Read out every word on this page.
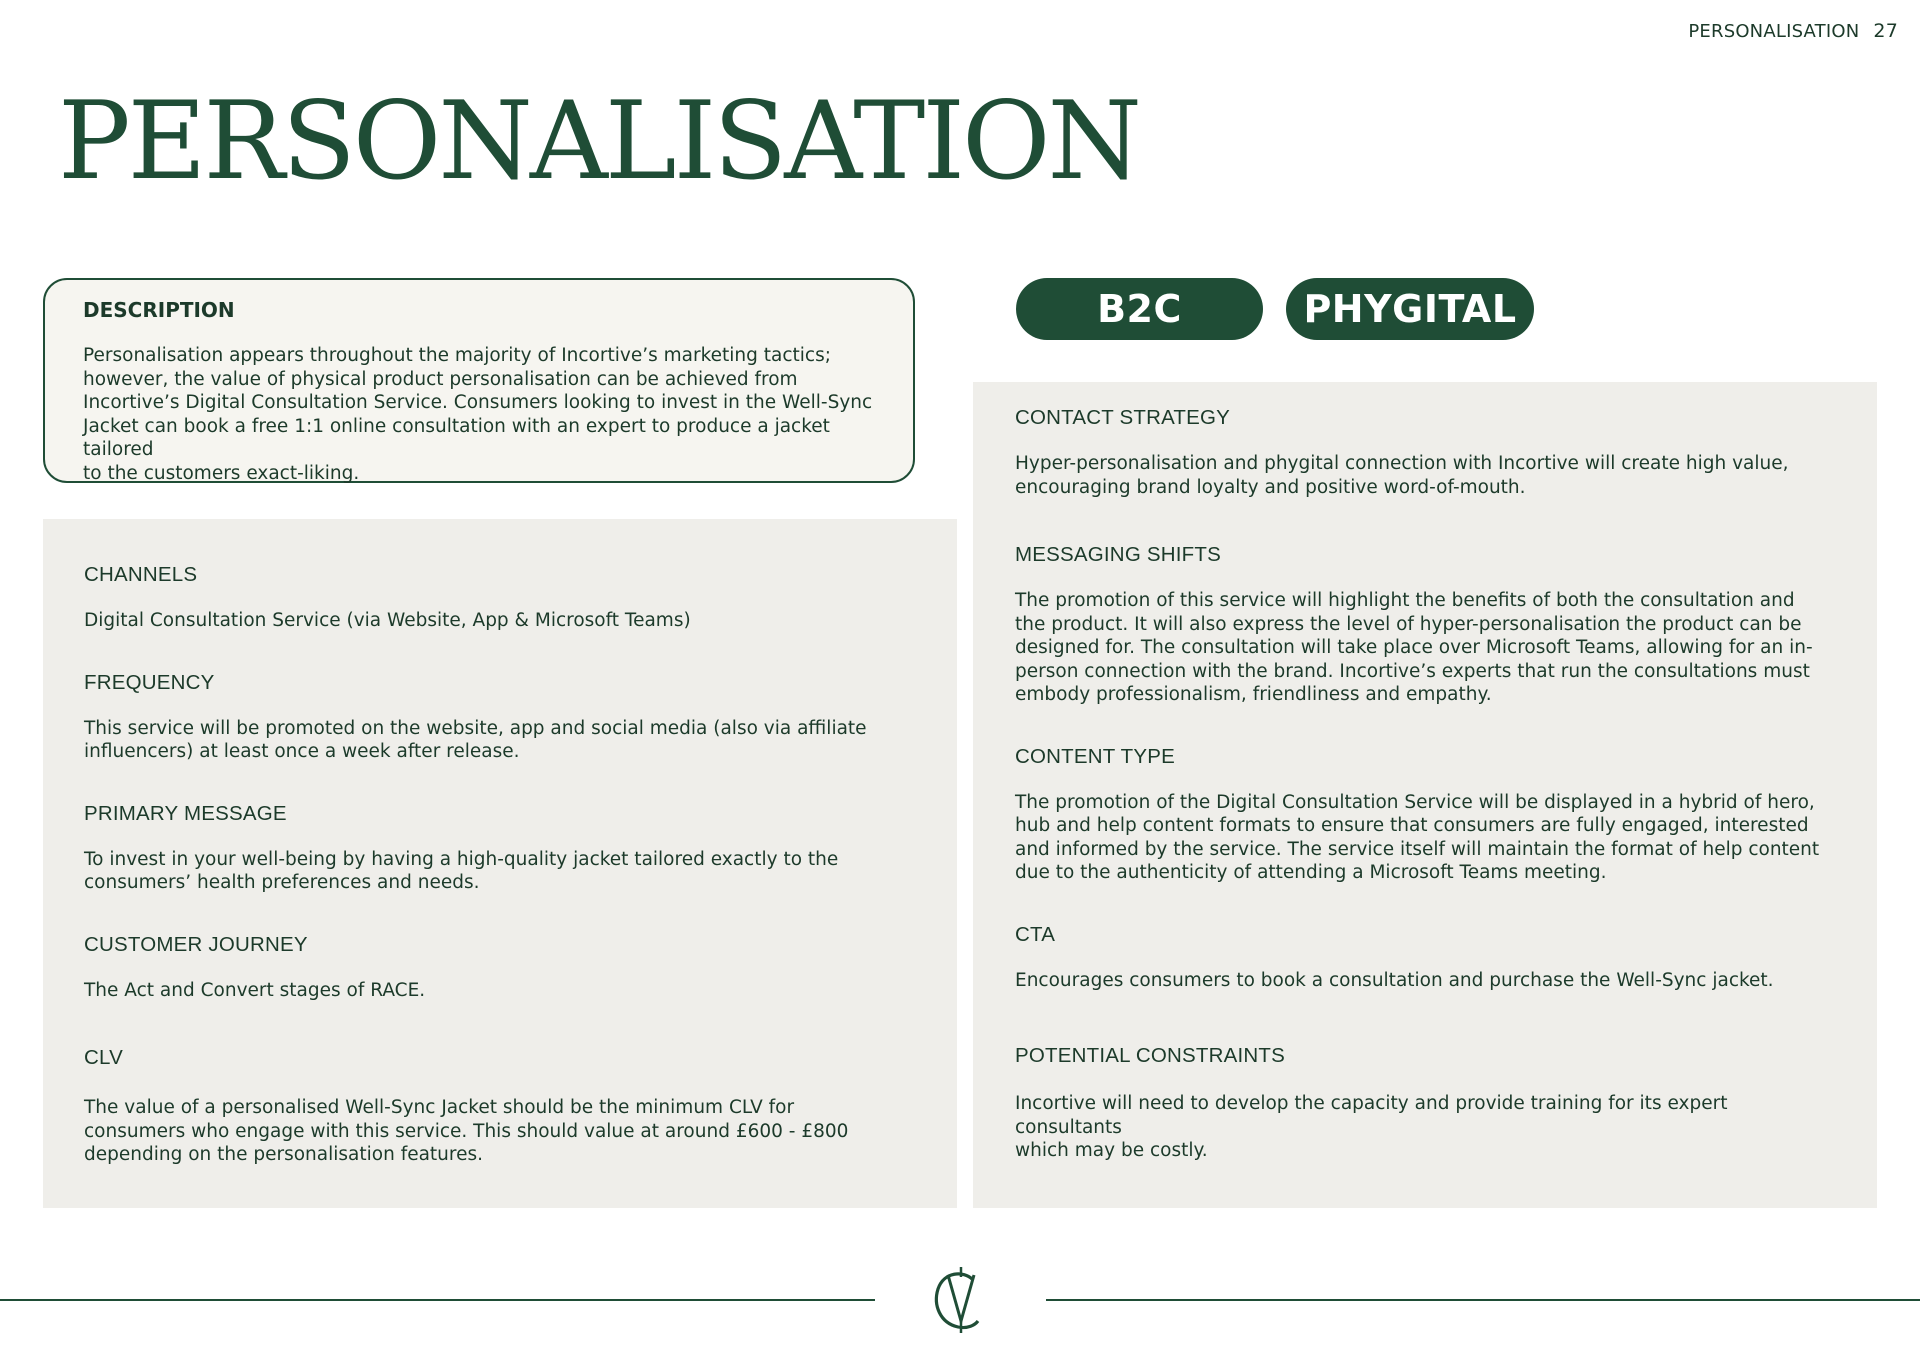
PERSONALISATION 27
PERSONALISATION
DESCRIPTION

Personalisation appears throughout the majority of Incortive’s marketing tactics;
however, the value of physical product personalisation can be achieved from
Incortive’s Digital Consultation Service. Consumers looking to invest in the Well-Sync
Jacket can book a free 1:1 online consultation with an expert to produce a jacket tailored
to the customers exact-liking.

B2C	PHYGITAL
CHANNELS

Digital Consultation Service (via Website, App & Microsoft Teams)

FREQUENCY

This service will be promoted on the website, app and social media (also via affiliate
influencers) at least once a week after release.

PRIMARY MESSAGE

To invest in your well-being by having a high-quality jacket tailored exactly to the
consumers’ health preferences and needs.

CUSTOMER JOURNEY

The Act and Convert stages of RACE.

CLV

The value of a personalised Well-Sync Jacket should be the minimum CLV for
consumers who engage with this service. This should value at around £600 - £800
depending on the personalisation features.

CONTACT STRATEGY

Hyper-personalisation and phygital connection with Incortive will create high value,
encouraging brand loyalty and positive word-of-mouth.

MESSAGING SHIFTS

The promotion of this service will highlight the benefits of both the consultation and
the product. It will also express the level of hyper-personalisation the product can be
designed for. The consultation will take place over Microsoft Teams, allowing for an in-
person connection with the brand. Incortive’s experts that run the consultations must
embody professionalism, friendliness and empathy.

CONTENT TYPE

The promotion of the Digital Consultation Service will be displayed in a hybrid of hero,
hub and help content formats to ensure that consumers are fully engaged, interested
and informed by the service. The service itself will maintain the format of help content
due to the authenticity of attending a Microsoft Teams meeting.

CTA

Encourages consumers to book a consultation and purchase the Well-Sync jacket.

POTENTIAL CONSTRAINTS

Incortive will need to develop the capacity and provide training for its expert consultants
which may be costly.
